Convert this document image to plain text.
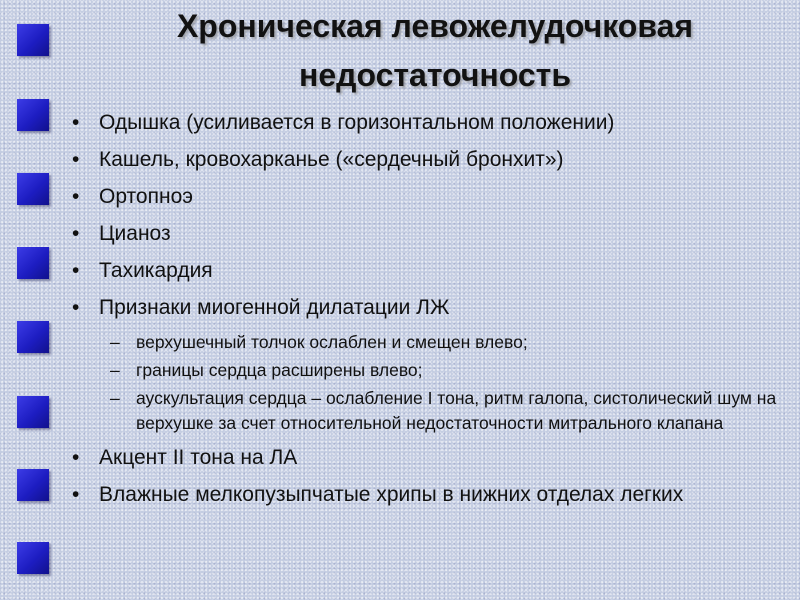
Хроническая левожелудочковая
недостаточность
• Одышка (усиливается в горизонтальном положении)
• Кашель, кровохарканье («сердечный бронхит»)
• Ортопноэ
• Цианоз
• Тахикардия
• Признаки миогенной дилатации ЛЖ
– верхушечный толчок ослаблен и смещен влево;
– границы сердца расширены влево;
– аускультация сердца – ослабление I тона, ритм галопа, систолический шум на верхушке за счет относительной недостаточности митрального клапана
• Акцент II тона на ЛА
• Влажные мелкопузыпчатые хрипы в нижних отделах легких
